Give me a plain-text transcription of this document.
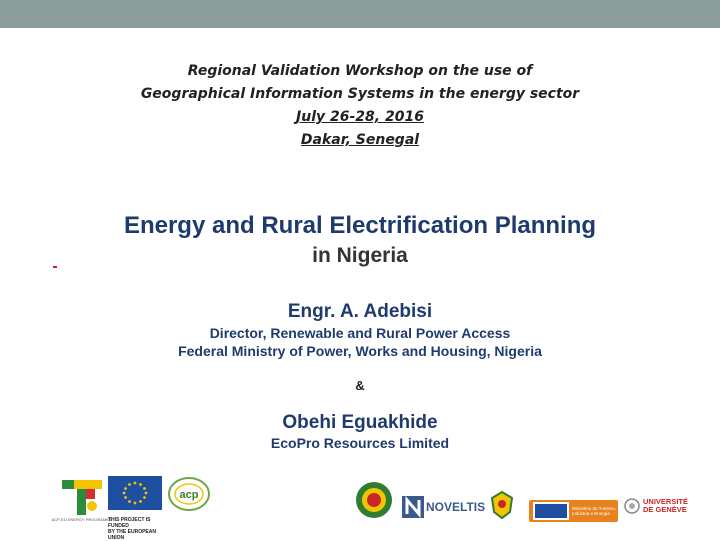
Regional Validation Workshop on the use of
Geographical Information Systems in the energy sector
July 26-28, 2016
Dakar, Senegal
Energy and Rural Electrification Planning
in Nigeria
Engr. A. Adebisi
Director, Renewable and Rural Power Access
Federal Ministry of Power, Works and Housing, Nigeria
&
Obehi Eguakhide
EcoPro Resources Limited
ACP-EU ENERGY PROGRAMME
THIS PROJECT IS FUNDED
BY THE EUROPEAN UNION
acp
NOVELTIS	Ministério do Turismo, Indústria e Energia
UNIVERSITÉ
DE GENÈVE
